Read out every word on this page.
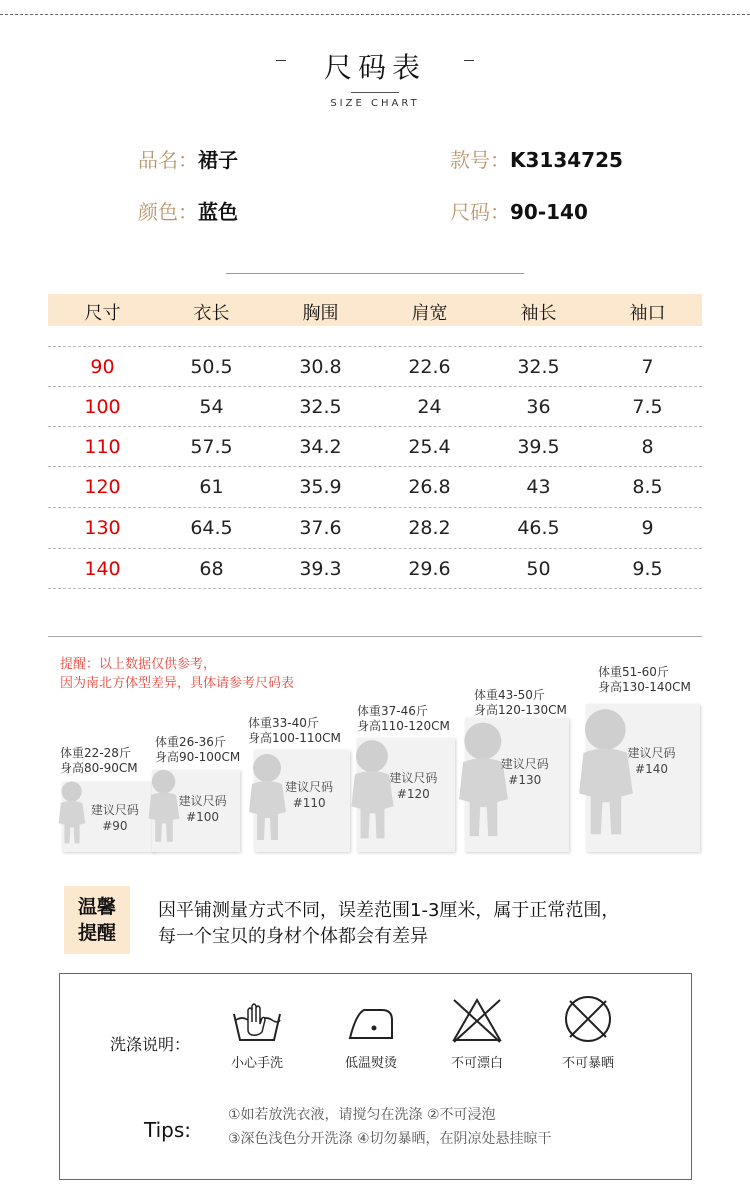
尺码表
SIZE CHART
品名：裙子	款号：K3134725
颜色：蓝色	尺码：90-140
尺寸	衣长	胸围	肩宽	袖长	袖口
90	50.5	30.8	22.6	32.5	7
100	54	32.5	24	36	7.5
110	57.5	34.2	25.4	39.5	8
120	61	35.9	26.8	43	8.5
130	64.5	37.6	28.2	46.5	9
140	68	39.3	29.6	50	9.5
提醒：以上数据仅供参考，
因为南北方体型差异，具体请参考尺码表
体重22-28斤
身高80-90CM
建议尺码
#90
体重26-36斤
身高90-100CM
建议尺码
#100
体重33-40斤
身高100-110CM
建议尺码
#110
体重37-46斤
身高110-120CM
建议尺码
#120
体重43-50斤
身高120-130CM
建议尺码
#130
体重51-60斤
身高130-140CM
建议尺码
#140
温馨
提醒
因平铺测量方式不同，误差范围1-3厘米，属于正常范围，
每一个宝贝的身材个体都会有差异
洗涤说明：
小心手洗	低温熨烫	不可漂白	不可暴晒
Tips:
①如若放洗衣液，请搅匀在洗涤 ②不可浸泡
③深色浅色分开洗涤 ④切勿暴晒，在阴凉处悬挂晾干
